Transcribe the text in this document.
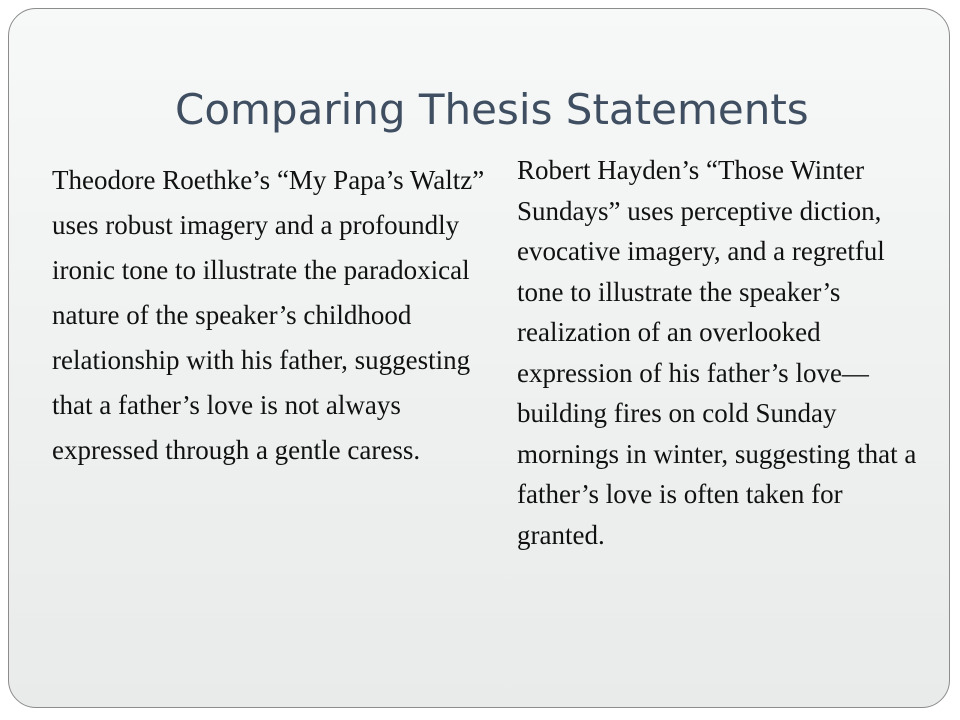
Comparing Thesis Statements

Theodore Roethke’s “My Papa’s Waltz” uses robust imagery and a profoundly ironic tone to illustrate the paradoxical nature of the speaker’s childhood relationship with his father, suggesting that a father’s love is not always expressed through a gentle caress.

Robert Hayden’s “Those Winter Sundays” uses perceptive diction, evocative imagery, and a regretful tone to illustrate the speaker’s realization of an overlooked expression of his father’s love—building fires on cold Sunday mornings in winter, suggesting that a father’s love is often taken for granted.
